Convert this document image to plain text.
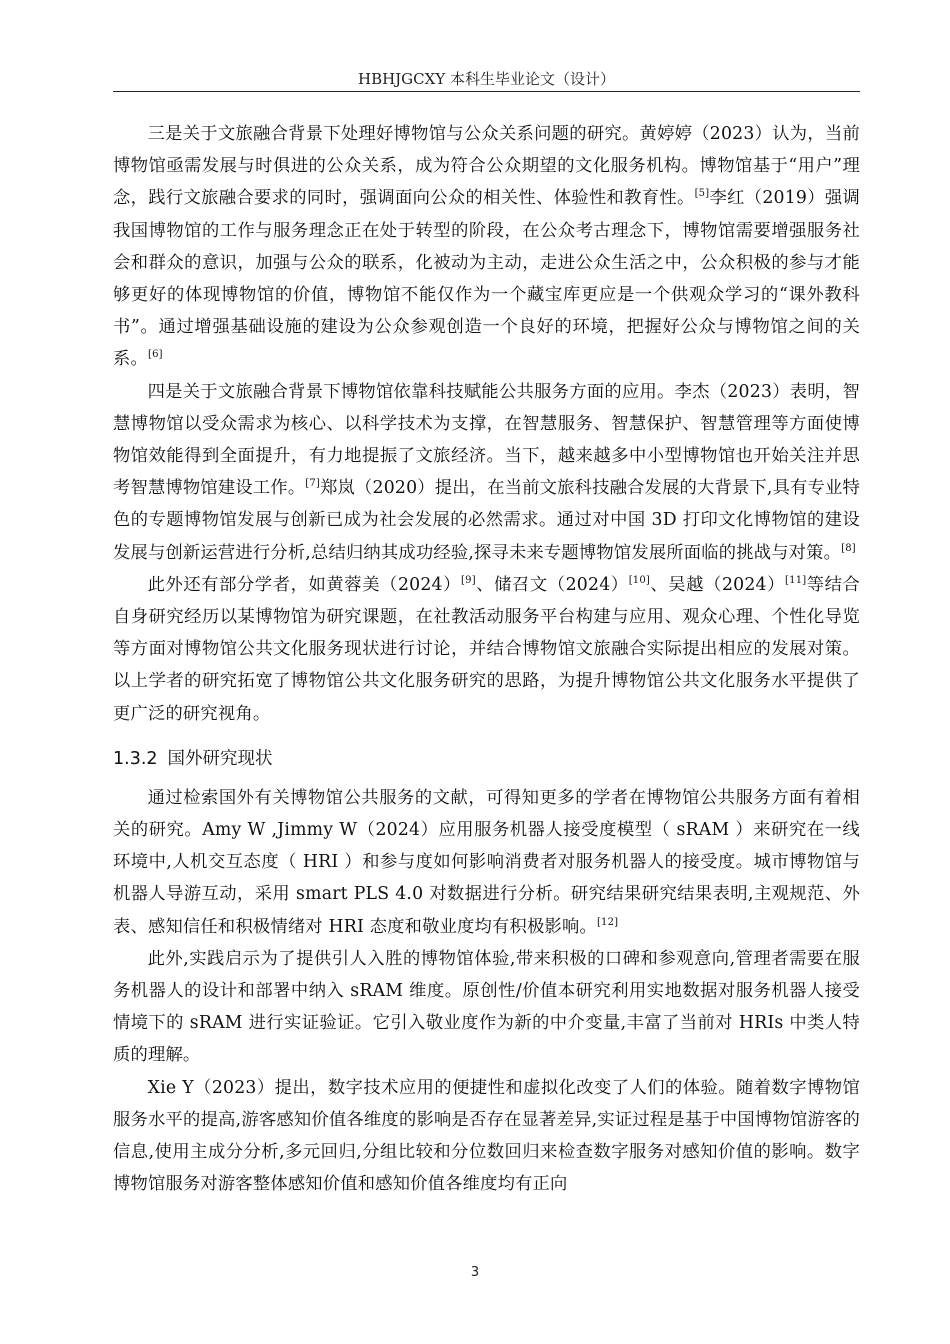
HBHJGCXY 本科生毕业论文（设计）

三是关于文旅融合背景下处理好博物馆与公众关系问题的研究。黄婷婷（2023）认为，当前博物馆亟需发展与时俱进的公众关系，成为符合公众期望的文化服务机构。博物馆基于“用户”理念，践行文旅融合要求的同时，强调面向公众的相关性、体验性和教育性。[5]李红（2019）强调我国博物馆的工作与服务理念正在处于转型的阶段，在公众考古理念下，博物馆需要增强服务社会和群众的意识，加强与公众的联系，化被动为主动，走进公众生活之中，公众积极的参与才能够更好的体现博物馆的价值，博物馆不能仅作为一个藏宝库更应是一个供观众学习的“课外教科书”。通过增强基础设施的建设为公众参观创造一个良好的环境，把握好公众与博物馆之间的关系。[6]

四是关于文旅融合背景下博物馆依靠科技赋能公共服务方面的应用。李杰（2023）表明，智慧博物馆以受众需求为核心、以科学技术为支撑，在智慧服务、智慧保护、智慧管理等方面使博物馆效能得到全面提升，有力地提振了文旅经济。当下，越来越多中小型博物馆也开始关注并思考智慧博物馆建设工作。[7]郑岚（2020）提出，在当前文旅科技融合发展的大背景下,具有专业特色的专题博物馆发展与创新已成为社会发展的必然需求。通过对中国 3D 打印文化博物馆的建设发展与创新运营进行分析,总结归纳其成功经验,探寻未来专题博物馆发展所面临的挑战与对策。[8]

此外还有部分学者，如黄蓉美（2024）[9]、储召文（2024）[10]、吴越（2024）[11]等结合自身研究经历以某博物馆为研究课题，在社教活动服务平台构建与应用、观众心理、个性化导览等方面对博物馆公共文化服务现状进行讨论，并结合博物馆文旅融合实际提出相应的发展对策。以上学者的研究拓宽了博物馆公共文化服务研究的思路，为提升博物馆公共文化服务水平提供了更广泛的研究视角。

1.3.2 国外研究现状

通过检索国外有关博物馆公共服务的文献，可得知更多的学者在博物馆公共服务方面有着相关的研究。Amy W ,Jimmy W（2024）应用服务机器人接受度模型（ sRAM ）来研究在一线环境中,人机交互态度（ HRI ）和参与度如何影响消费者对服务机器人的接受度。城市博物馆与机器人导游互动，采用 smart PLS 4.0 对数据进行分析。研究结果研究结果表明,主观规范、外表、感知信任和积极情绪对 HRI 态度和敬业度均有积极影响。[12]

此外,实践启示为了提供引人入胜的博物馆体验,带来积极的口碑和参观意向,管理者需要在服务机器人的设计和部署中纳入 sRAM 维度。原创性/价值本研究利用实地数据对服务机器人接受情境下的 sRAM 进行实证验证。它引入敬业度作为新的中介变量,丰富了当前对 HRIs 中类人特质的理解。

Xie Y（2023）提出，数字技术应用的便捷性和虚拟化改变了人们的体验。随着数字博物馆服务水平的提高,游客感知价值各维度的影响是否存在显著差异,实证过程是基于中国博物馆游客的信息,使用主成分分析,多元回归,分组比较和分位数回归来检查数字服务对感知价值的影响。数字博物馆服务对游客整体感知价值和感知价值各维度均有正向

3
